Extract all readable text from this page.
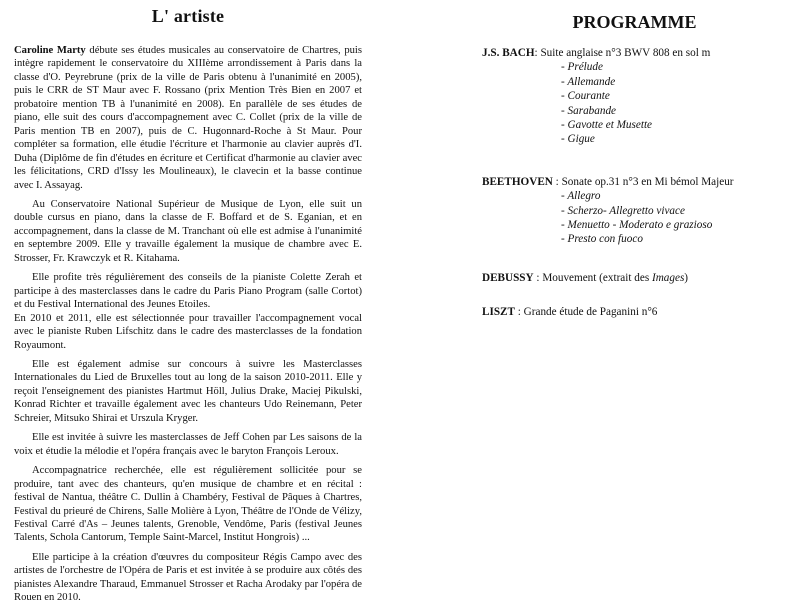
L' artiste

Caroline Marty débute ses études musicales au conservatoire de Chartres, puis intègre rapidement le conservatoire du XIIIème arrondissement à Paris dans la classe d'O. Peyrebrune (prix de la ville de Paris obtenu à l'unanimité en 2005), puis le CRR de ST Maur avec F. Rossano (prix Mention Très Bien en 2007 et probatoire mention TB à l'unanimité en 2008). En parallèle de ses études de piano, elle suit des cours d'accompagnement avec C. Collet (prix de la ville de Paris mention TB en 2007), puis de C. Hugonnard-Roche à St Maur. Pour compléter sa formation, elle étudie l'écriture et l'harmonie au clavier auprès d'I. Duha (Diplôme de fin d'études en écriture et Certificat d'harmonie au clavier avec les félicitations, CRD d'Issy les Moulineaux), le clavecin et la basse continue avec I. Assayag.

Au Conservatoire National Supérieur de Musique de Lyon, elle suit un double cursus en piano, dans la classe de F. Boffard et de S. Eganian, et en accompagnement, dans la classe de M. Tranchant où elle est admise à l'unanimité en septembre 2009. Elle y travaille également la musique de chambre avec E. Strosser, Fr. Krawczyk et R. Kitahama.

Elle profite très régulièrement des conseils de la pianiste Colette Zerah et participe à des masterclasses dans le cadre du Paris Piano Program (salle Cortot) et du Festival International des Jeunes Etoiles.

En 2010 et 2011, elle est sélectionnée pour travailler l'accompagnement vocal avec le pianiste Ruben Lifschitz dans le cadre des masterclasses de la fondation Royaumont.

Elle est également admise sur concours à suivre les Masterclasses Internationales du Lied de Bruxelles tout au long de la saison 2010-2011. Elle y reçoit l'enseignement des pianistes Hartmut Höll, Julius Drake, Maciej Pikulski, Konrad Richter et travaille également avec les chanteurs Udo Reinemann, Peter Schreier, Mitsuko Shirai et Urszula Kryger.

Elle est invitée à suivre les masterclasses de Jeff Cohen par Les saisons de la voix et étudie la mélodie et l'opéra français avec le baryton François Leroux.

Accompagnatrice recherchée, elle est régulièrement sollicitée pour se produire, tant avec des chanteurs, qu'en musique de chambre et en récital : festival de Nantua, théâtre C. Dullin à Chambéry, Festival de Pâques à Chartres, Festival du prieuré de Chirens, Salle Molière à Lyon, Théâtre de l'Onde de Vélizy, Festival Carré d'As – Jeunes talents, Grenoble, Vendôme, Paris (festival Jeunes Talents, Schola Cantorum, Temple Saint-Marcel, Institut Hongrois) ...

Elle participe à la création d'œuvres du compositeur Régis Campo avec des artistes de l'orchestre de l'Opéra de Paris et est invitée à se produire aux côtés des pianistes Alexandre Tharaud, Emmanuel Strosser et Racha Arodaky par l'opéra de Rouen en 2010.

PROGRAMME

J.S. BACH: Suite anglaise n°3 BWV 808 en sol m

- Prélude

- Allemande

- Courante

- Sarabande

- Gavotte et Musette

- Gigue

BEETHOVEN : Sonate op.31 n°3 en Mi bémol Majeur

- Allegro

- Scherzo- Allegretto vivace

- Menuetto - Moderato e grazioso

- Presto con fuoco

DEBUSSY : Mouvement (extrait des Images)

LISZT : Grande étude de Paganini n°6
